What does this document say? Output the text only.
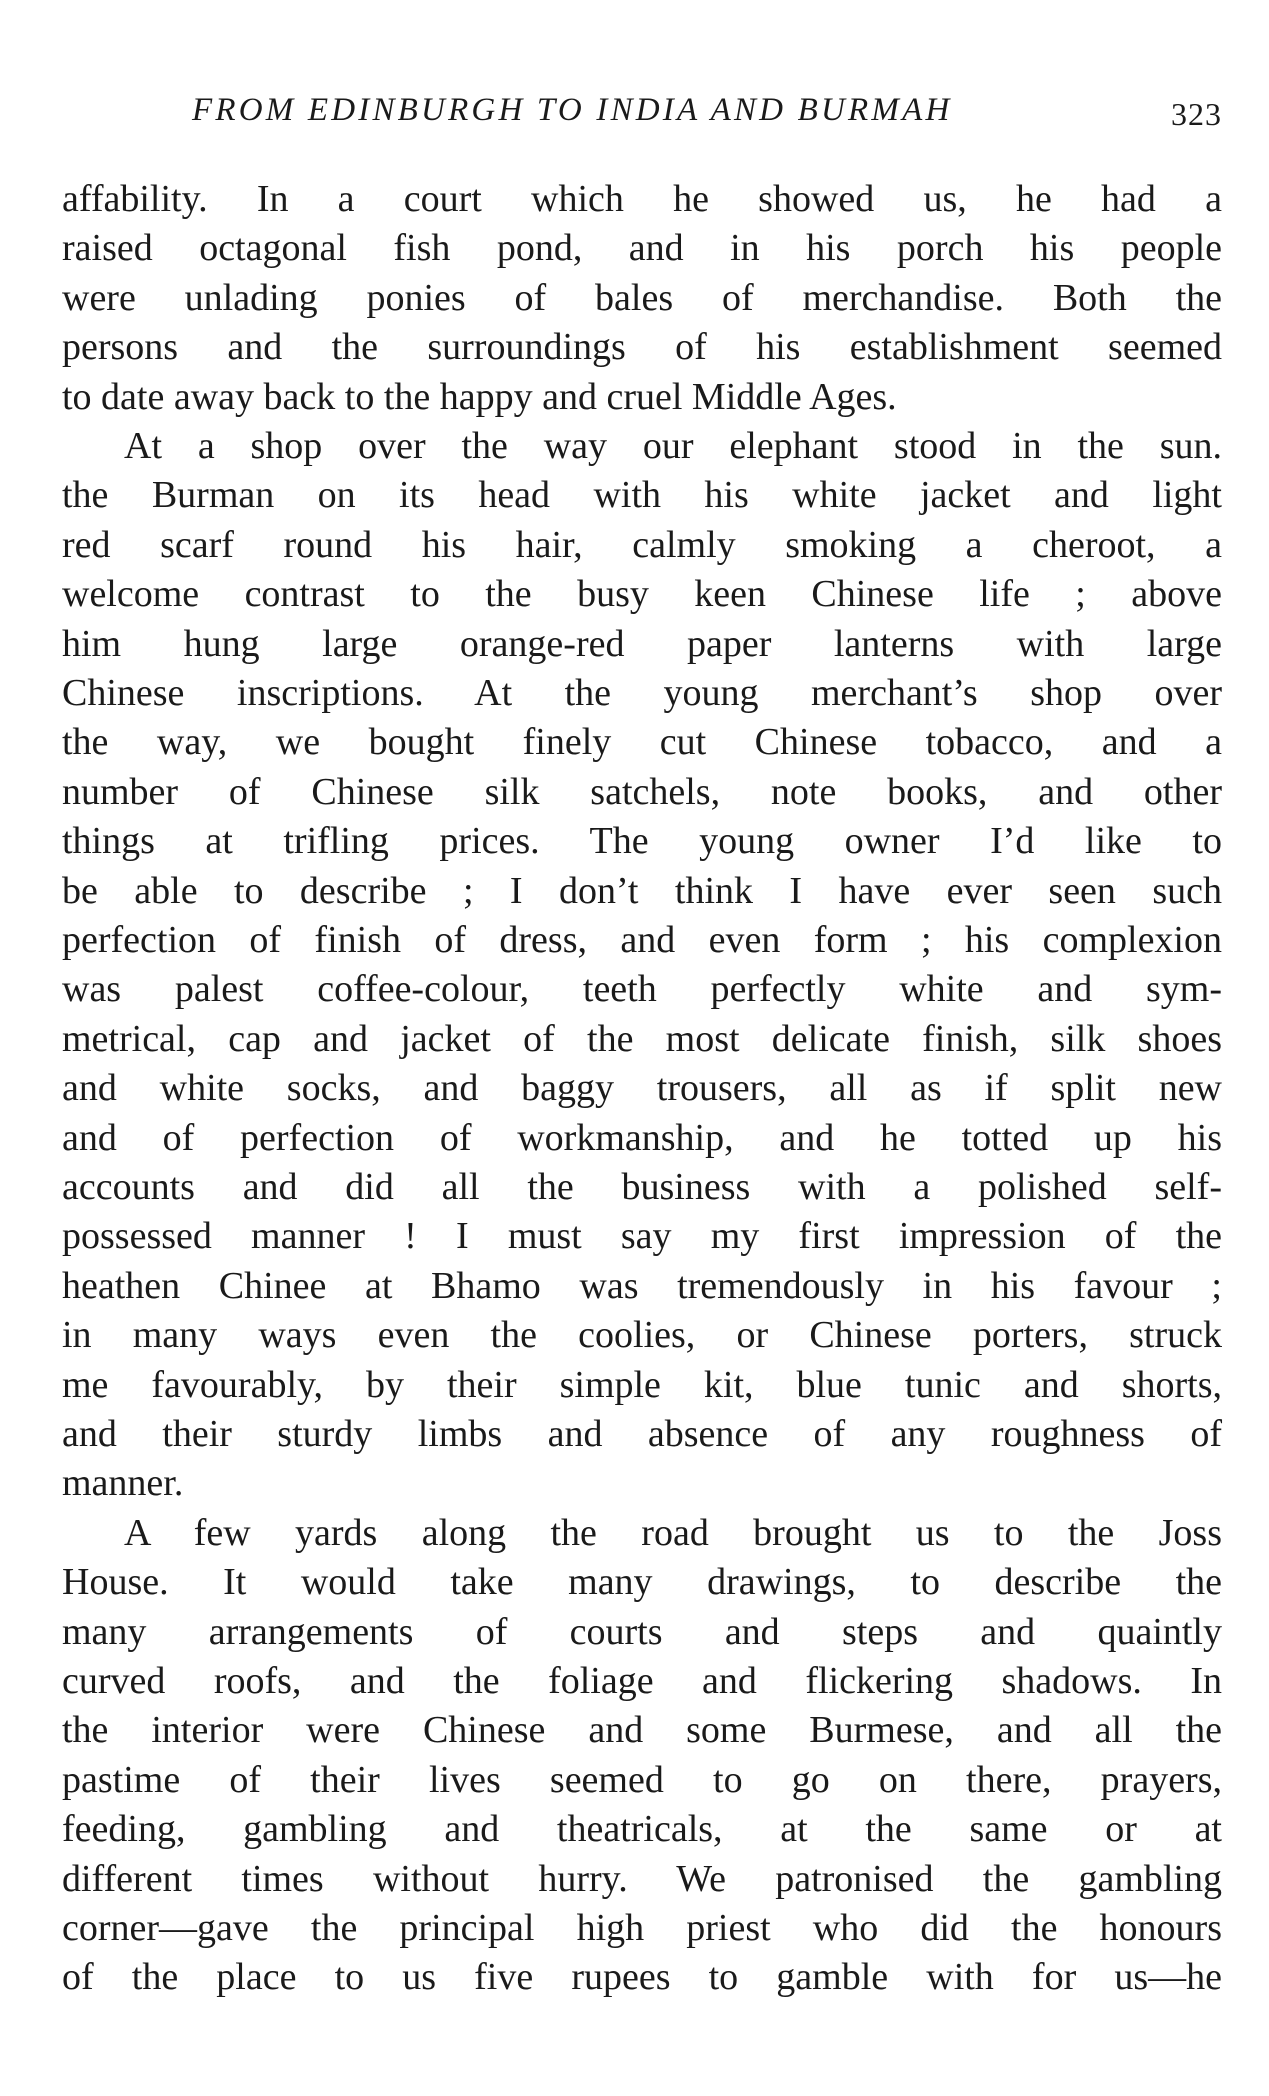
FROM EDINBURGH TO INDIA AND BURMAH	323
affability. In a court which he showed us, he had a
raised octagonal fish pond, and in his porch his people
were unlading ponies of bales of merchandise. Both the
persons and the surroundings of his establishment seemed
to date away back to the happy and cruel Middle Ages.
At a shop over the way our elephant stood in the sun.
the Burman on its head with his white jacket and light
red scarf round his hair, calmly smoking a cheroot, a
welcome contrast to the busy keen Chinese life ; above
him hung large orange-red paper lanterns with large
Chinese inscriptions. At the young merchant’s shop over
the way, we bought finely cut Chinese tobacco, and a
number of Chinese silk satchels, note books, and other
things at trifling prices. The young owner I’d like to
be able to describe ; I don’t think I have ever seen such
perfection of finish of dress, and even form ; his complexion
was palest coffee-colour, teeth perfectly white and sym-
metrical, cap and jacket of the most delicate finish, silk shoes
and white socks, and baggy trousers, all as if split new
and of perfection of workmanship, and he totted up his
accounts and did all the business with a polished self-
possessed manner ! I must say my first impression of the
heathen Chinee at Bhamo was tremendously in his favour ;
in many ways even the coolies, or Chinese porters, struck
me favourably, by their simple kit, blue tunic and shorts,
and their sturdy limbs and absence of any roughness of
manner.
A few yards along the road brought us to the Joss
House. It would take many drawings, to describe the
many arrangements of courts and steps and quaintly
curved roofs, and the foliage and flickering shadows. In
the interior were Chinese and some Burmese, and all the
pastime of their lives seemed to go on there, prayers,
feeding, gambling and theatricals, at the same or at
different times without hurry. We patronised the gambling
corner—gave the principal high priest who did the honours
of the place to us five rupees to gamble with for us—he
